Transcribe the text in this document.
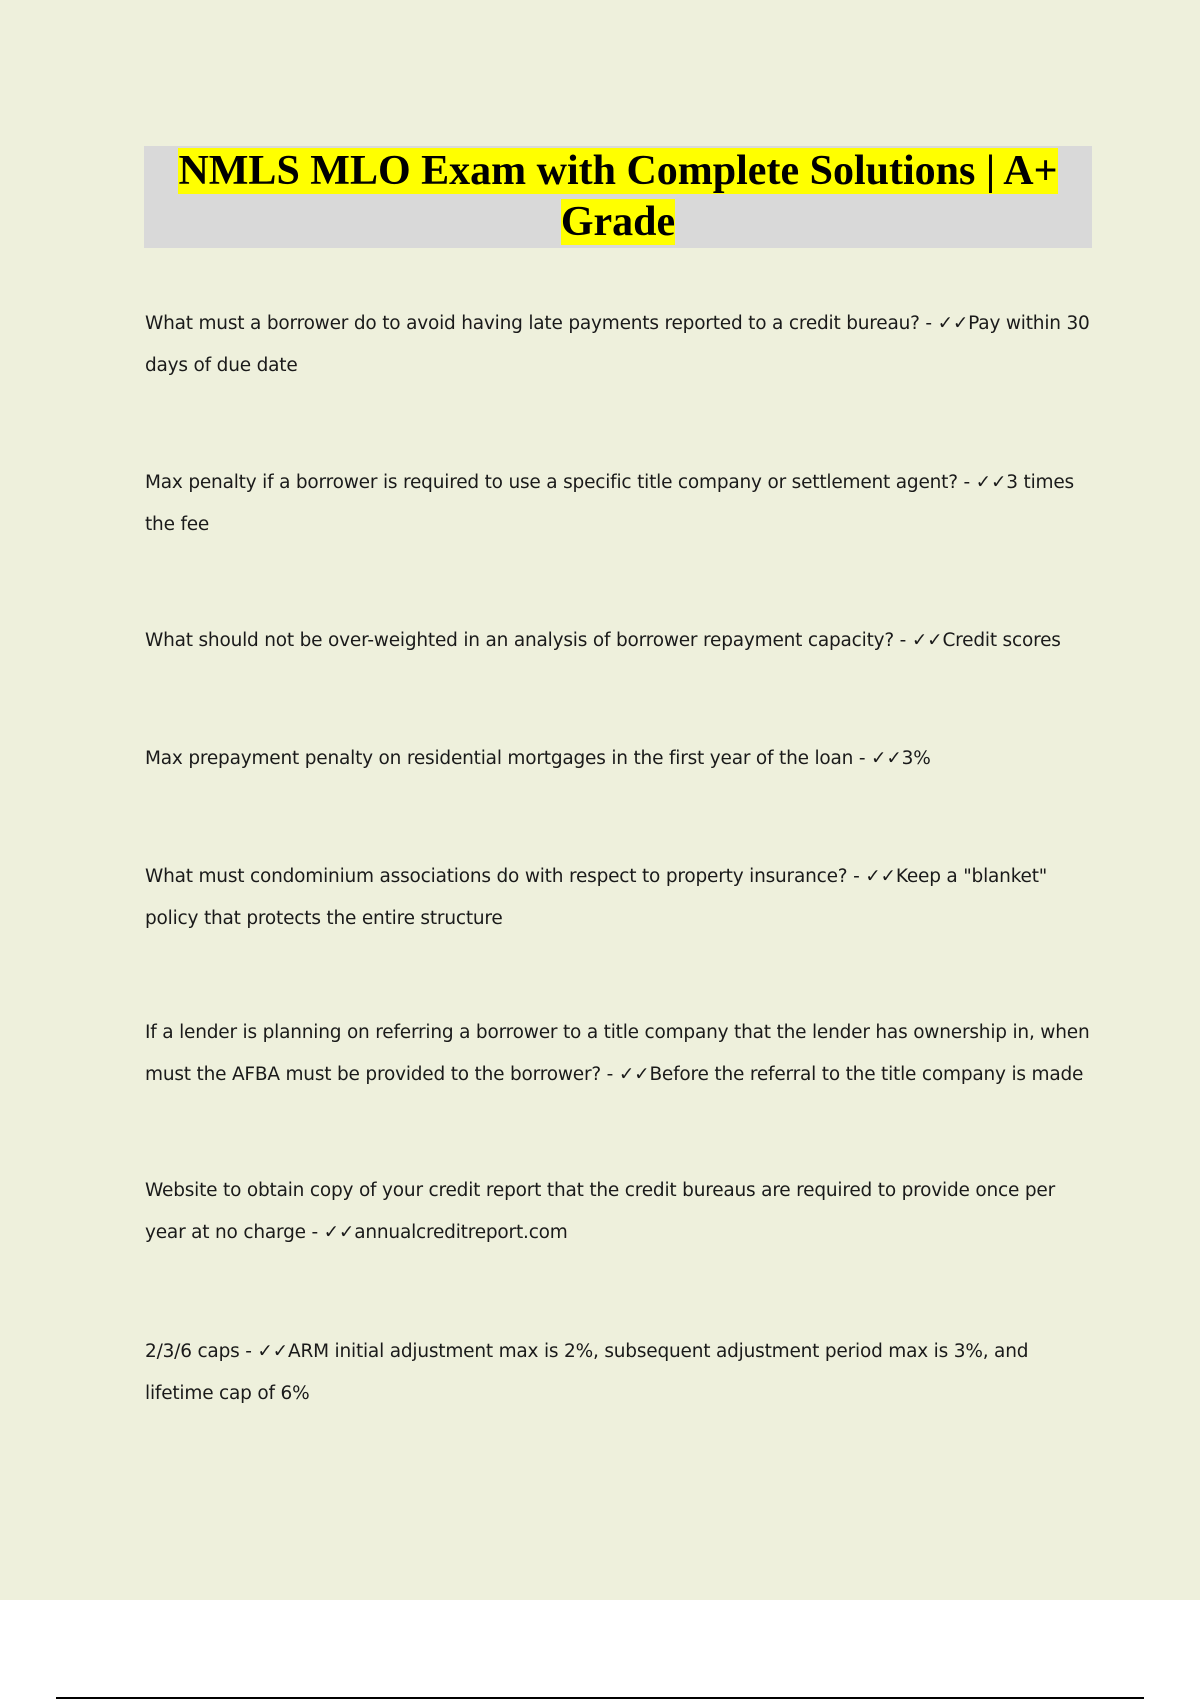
NMLS MLO Exam with Complete Solutions | A+ Grade

What must a borrower do to avoid having late payments reported to a credit bureau? - ✓✓Pay within 30 days of due date

Max penalty if a borrower is required to use a specific title company or settlement agent? - ✓✓3 times the fee

What should not be over-weighted in an analysis of borrower repayment capacity? - ✓✓Credit scores

Max prepayment penalty on residential mortgages in the first year of the loan - ✓✓3%

What must condominium associations do with respect to property insurance? - ✓✓Keep a "blanket" policy that protects the entire structure

If a lender is planning on referring a borrower to a title company that the lender has ownership in, when must the AFBA must be provided to the borrower? - ✓✓Before the referral to the title company is made

Website to obtain copy of your credit report that the credit bureaus are required to provide once per year at no charge - ✓✓annualcreditreport.com

2/3/6 caps - ✓✓ARM initial adjustment max is 2%, subsequent adjustment period max is 3%, and lifetime cap of 6%
